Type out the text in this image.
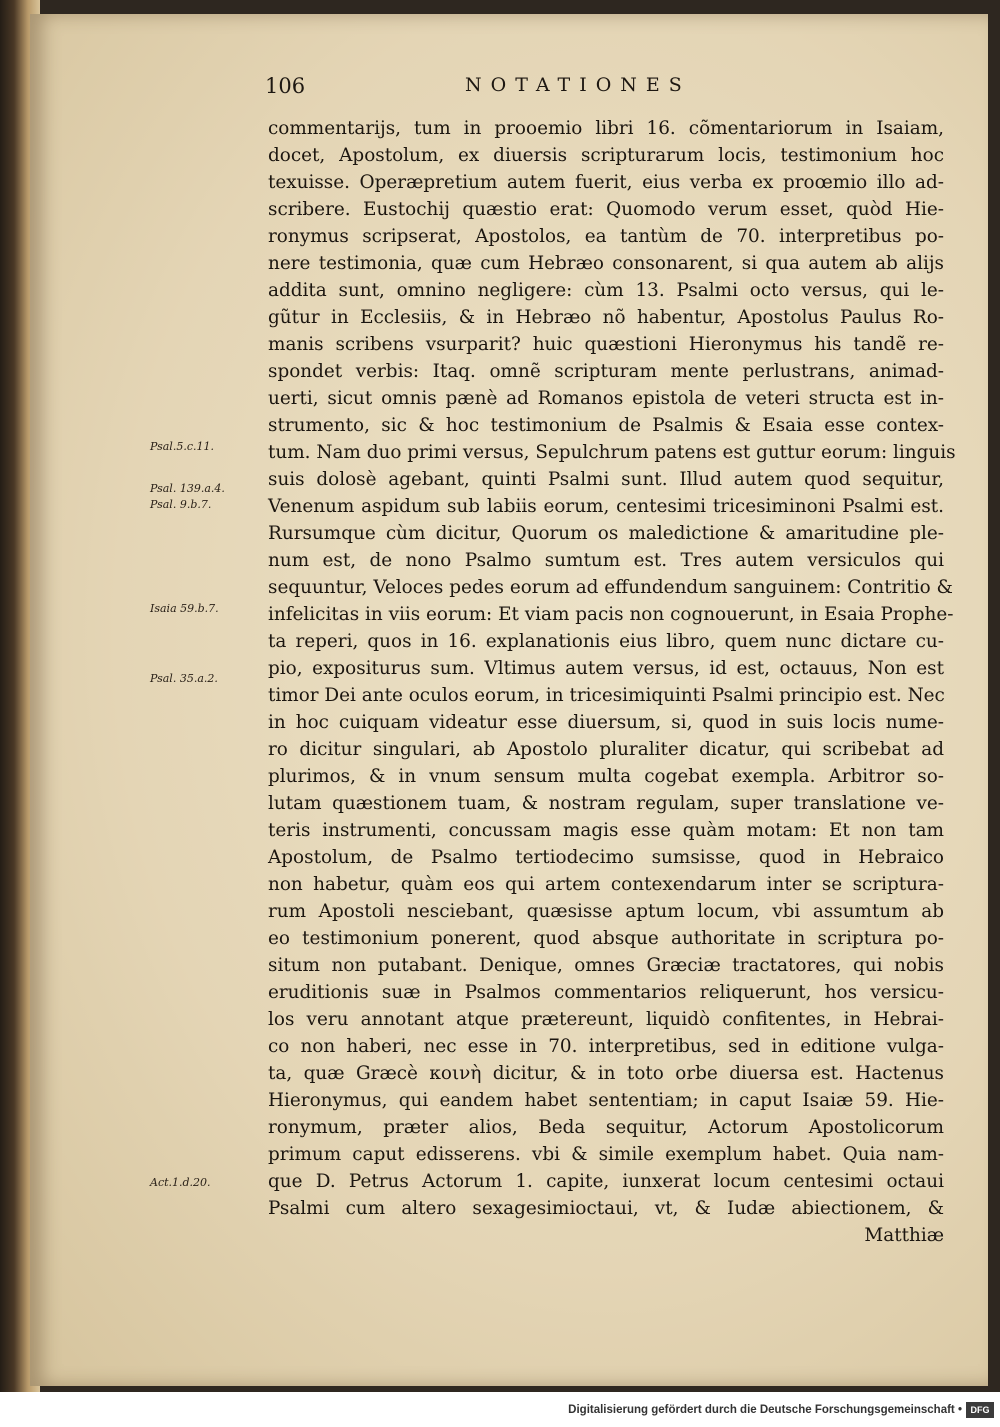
106	NOTATIONES
commentarijs, tum in prooemio libri 16. cõmentariorum in Isaiam,
docet, Apostolum, ex diuersis scripturarum locis, testimonium hoc
texuisse. Operæpretium autem fuerit, eius verba ex proœmio illo ad-
scribere. Eustochij quæstio erat: Quomodo verum esset, quòd Hie-
ronymus scripserat, Apostolos, ea tantùm de 70. interpretibus po-
nere testimonia, quæ cum Hebræo consonarent, si qua autem ab alijs
addita sunt, omnino negligere: cùm 13. Psalmi octo versus, qui le-
gũtur in Ecclesiis, & in Hebræo nõ habentur, Apostolus Paulus Ro-
manis scribens vsurparit? huic quæstioni Hieronymus his tandẽ re-
spondet verbis: Itaq. omnẽ scripturam mente perlustrans, animad-
uerti, sicut omnis pænè ad Romanos epistola de veteri structa est in-
strumento, sic & hoc testimonium de Psalmis & Esaia esse contex-
tum. Nam duo primi versus, Sepulchrum patens est guttur eorum: linguis
suis dolosè agebant, quinti Psalmi sunt. Illud autem quod sequitur,
Venenum aspidum sub labiis eorum, centesimi tricesiminoni Psalmi est.
Rursumque cùm dicitur, Quorum os maledictione & amaritudine ple-
num est, de nono Psalmo sumtum est. Tres autem versiculos qui
sequuntur, Veloces pedes eorum ad effundendum sanguinem: Contritio &
infelicitas in viis eorum: Et viam pacis non cognouerunt, in Esaia Prophe-
ta reperi, quos in 16. explanationis eius libro, quem nunc dictare cu-
pio, expositurus sum. Vltimus autem versus, id est, octauus, Non est
timor Dei ante oculos eorum, in tricesimiquinti Psalmi principio est. Nec
in hoc cuiquam videatur esse diuersum, si, quod in suis locis nume-
ro dicitur singulari, ab Apostolo pluraliter dicatur, qui scribebat ad
plurimos, & in vnum sensum multa cogebat exempla. Arbitror so-
lutam quæstionem tuam, & nostram regulam, super translatione ve-
teris instrumenti, concussam magis esse quàm motam: Et non tam
Apostolum, de Psalmo tertiodecimo sumsisse, quod in Hebraico
non habetur, quàm eos qui artem contexendarum inter se scriptura-
rum Apostoli nesciebant, quæsisse aptum locum, vbi assumtum ab
eo testimonium ponerent, quod absque authoritate in scriptura po-
situm non putabant. Denique, omnes Græciæ tractatores, qui nobis
eruditionis suæ in Psalmos commentarios reliquerunt, hos versicu-
los veru annotant atque prætereunt, liquidò confitentes, in Hebrai-
co non haberi, nec esse in 70. interpretibus, sed in editione vulga-
ta, quæ Græcè κοινὴ dicitur, & in toto orbe diuersa est. Hactenus
Hieronymus, qui eandem habet sententiam; in caput Isaiæ 59. Hie-
ronymum, præter alios, Beda sequitur, Actorum Apostolicorum
primum caput edisserens. vbi & simile exemplum habet. Quia nam-
que D. Petrus Actorum 1. capite, iunxerat locum centesimi octaui
Psalmi cum altero sexagesimioctaui, vt, & Iudæ abiectionem, &
Matthiæ
Psal.5.c.11.
Psal. 139.a.4.
Psal. 9.b.7.
Isaia 59.b.7.
Psal. 35.a.2.
Act.1.d.20.
Digitalisierung gefördert durch die Deutsche Forschungsgemeinschaft • DFG
